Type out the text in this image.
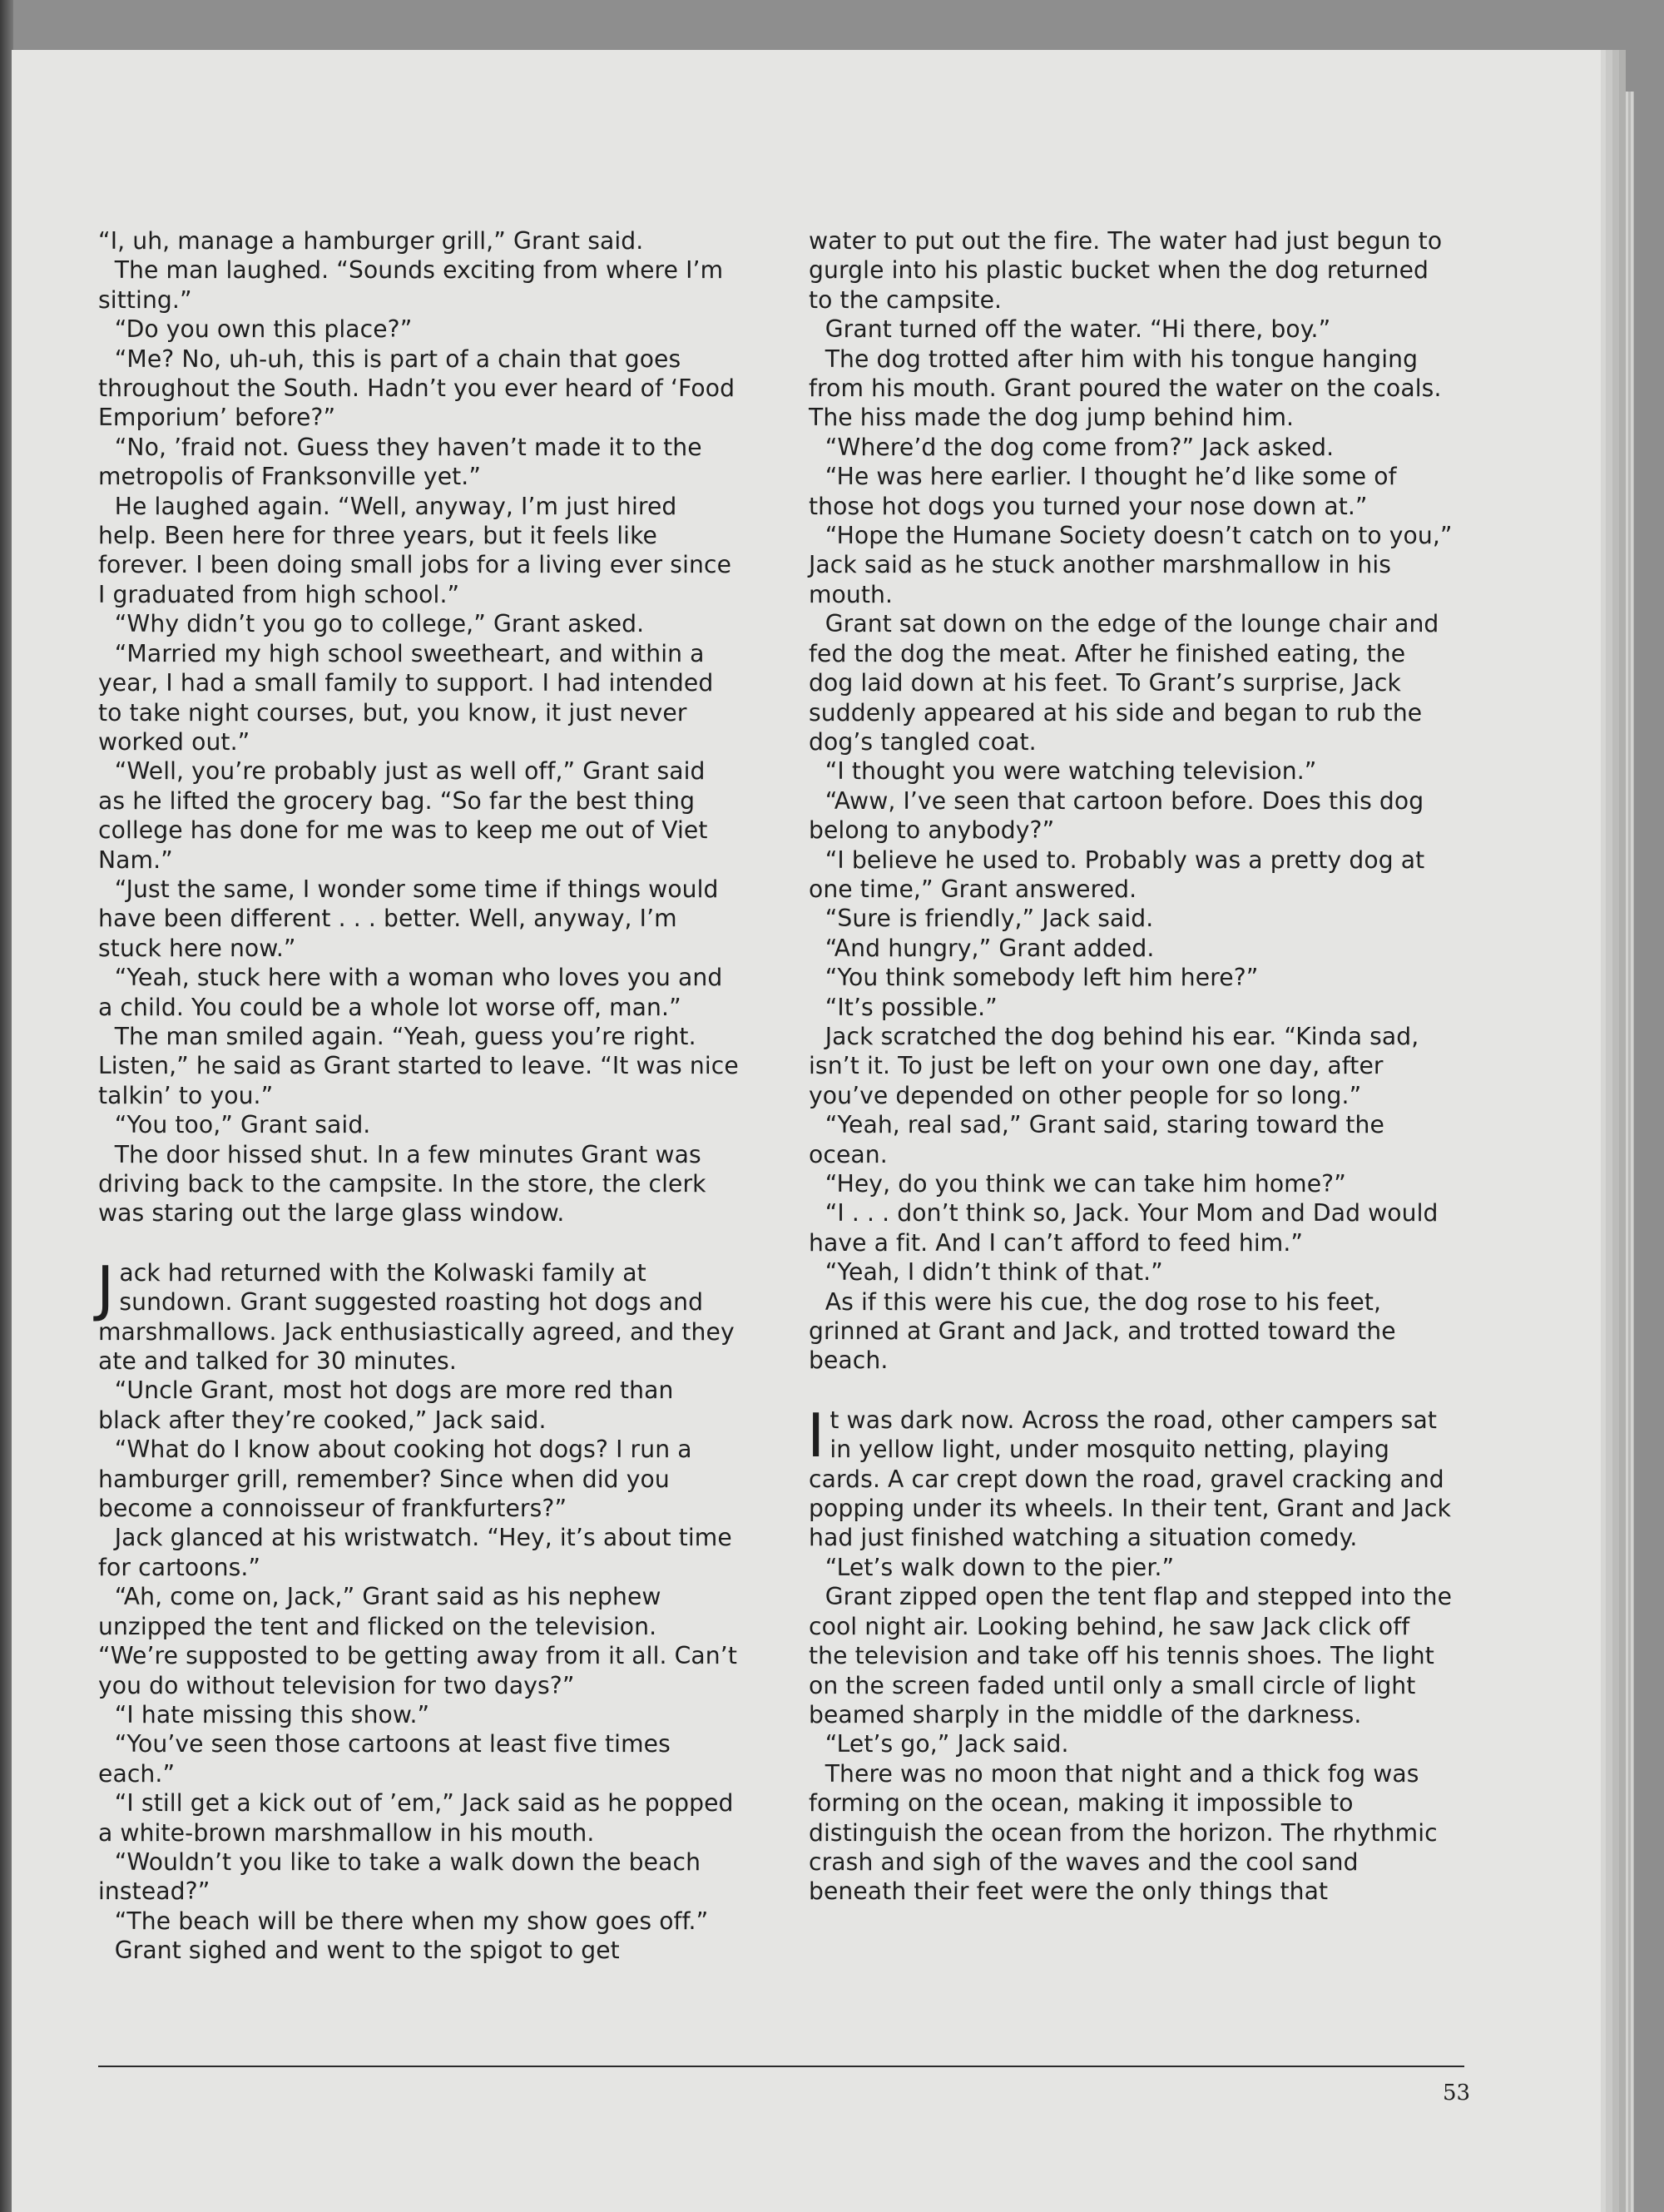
“I, uh, manage a hamburger grill,” Grant said.

The man laughed. “Sounds exciting from where I’m sitting.”

“Do you own this place?”

“Me? No, uh-uh, this is part of a chain that goes throughout the South. Hadn’t you ever heard of ‘Food Emporium’ before?”

“No, ’fraid not. Guess they haven’t made it to the metropolis of Franksonville yet.”

He laughed again. “Well, anyway, I’m just hired help. Been here for three years, but it feels like forever. I been doing small jobs for a living ever since I graduated from high school.”

“Why didn’t you go to college,” Grant asked.

“Married my high school sweetheart, and within a year, I had a small family to support. I had intended to take night courses, but, you know, it just never worked out.”

“Well, you’re probably just as well off,” Grant said as he lifted the grocery bag. “So far the best thing college has done for me was to keep me out of Viet Nam.”

“Just the same, I wonder some time if things would have been different . . . better. Well, anyway, I’m stuck here now.”

“Yeah, stuck here with a woman who loves you and a child. You could be a whole lot worse off, man.”

The man smiled again. “Yeah, guess you’re right. Listen,” he said as Grant started to leave. “It was nice talkin’ to you.”

“You too,” Grant said.

The door hissed shut. In a few minutes Grant was driving back to the campsite. In the store, the clerk was staring out the large glass window.

Jack had returned with the Kolwaski family at sundown. Grant suggested roasting hot dogs and marshmallows. Jack enthusiastically agreed, and they ate and talked for 30 minutes.

“Uncle Grant, most hot dogs are more red than black after they’re cooked,” Jack said.

“What do I know about cooking hot dogs? I run a hamburger grill, remember? Since when did you become a connoisseur of frankfurters?”

Jack glanced at his wristwatch. “Hey, it’s about time for cartoons.”

“Ah, come on, Jack,” Grant said as his nephew unzipped the tent and flicked on the television. “We’re supposted to be getting away from it all. Can’t you do without television for two days?”

“I hate missing this show.”

“You’ve seen those cartoons at least five times each.”

“I still get a kick out of ’em,” Jack said as he popped a white-brown marshmallow in his mouth.

“Wouldn’t you like to take a walk down the beach instead?”

“The beach will be there when my show goes off.”

Grant sighed and went to the spigot to get

water to put out the fire. The water had just begun to gurgle into his plastic bucket when the dog returned to the campsite.

Grant turned off the water. “Hi there, boy.”

The dog trotted after him with his tongue hanging from his mouth. Grant poured the water on the coals. The hiss made the dog jump behind him.

“Where’d the dog come from?” Jack asked.

“He was here earlier. I thought he’d like some of those hot dogs you turned your nose down at.”

“Hope the Humane Society doesn’t catch on to you,” Jack said as he stuck another marshmallow in his mouth.

Grant sat down on the edge of the lounge chair and fed the dog the meat. After he finished eating, the dog laid down at his feet. To Grant’s surprise, Jack suddenly appeared at his side and began to rub the dog’s tangled coat.

“I thought you were watching television.”

“Aww, I’ve seen that cartoon before. Does this dog belong to anybody?”

“I believe he used to. Probably was a pretty dog at one time,” Grant answered.

“Sure is friendly,” Jack said.

“And hungry,” Grant added.

“You think somebody left him here?”

“It’s possible.”

Jack scratched the dog behind his ear. “Kinda sad, isn’t it. To just be left on your own one day, after you’ve depended on other people for so long.”

“Yeah, real sad,” Grant said, staring toward the ocean.

“Hey, do you think we can take him home?”

“I . . . don’t think so, Jack. Your Mom and Dad would have a fit. And I can’t afford to feed him.”

“Yeah, I didn’t think of that.”

As if this were his cue, the dog rose to his feet, grinned at Grant and Jack, and trotted toward the beach.

It was dark now. Across the road, other campers sat in yellow light, under mosquito netting, playing cards. A car crept down the road, gravel cracking and popping under its wheels. In their tent, Grant and Jack had just finished watching a situation comedy.

“Let’s walk down to the pier.”

Grant zipped open the tent flap and stepped into the cool night air. Looking behind, he saw Jack click off the television and take off his tennis shoes. The light on the screen faded until only a small circle of light beamed sharply in the middle of the darkness.

“Let’s go,” Jack said.

There was no moon that night and a thick fog was forming on the ocean, making it impossible to distinguish the ocean from the horizon. The rhythmic crash and sigh of the waves and the cool sand beneath their feet were the only things that

53
